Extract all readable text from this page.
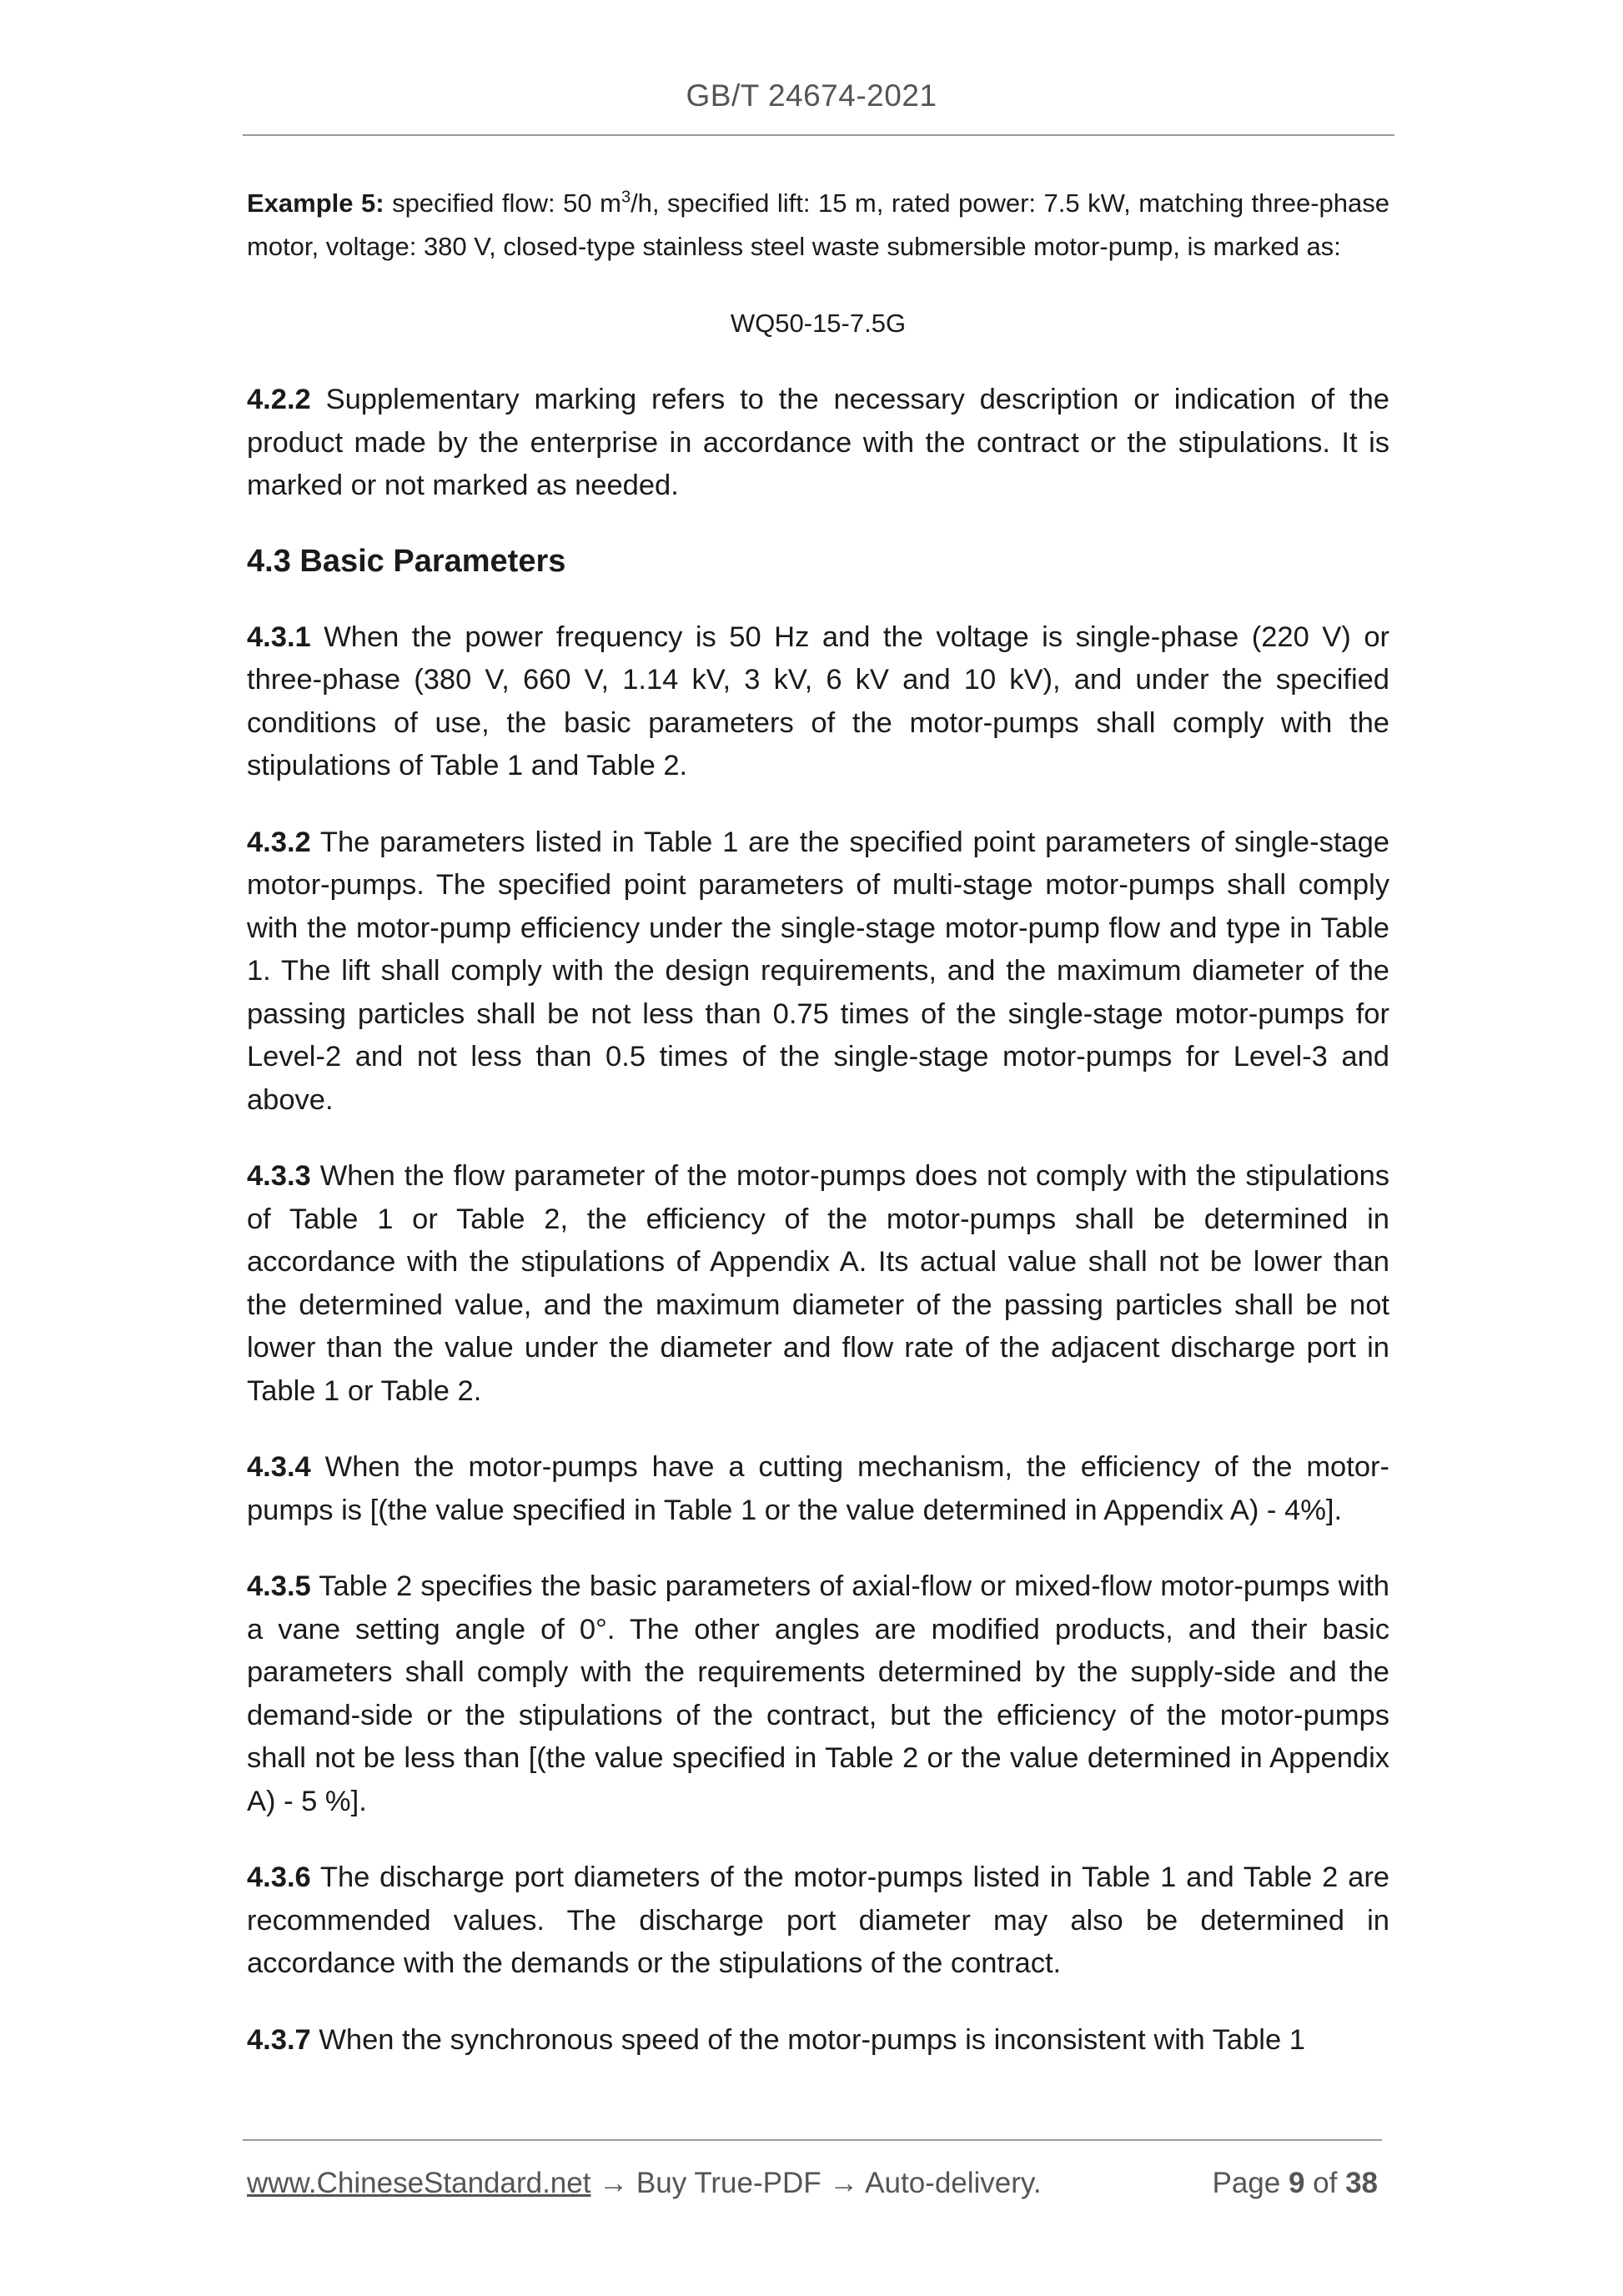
GB/T 24674-2021

Example 5: specified flow: 50 $m^3/h$, specified lift: 15 m, rated power: 7.5 kW, matching three-phase motor, voltage: 380 V, closed-type stainless steel waste submersible motor-pump, is marked as:

WQ50-15-7.5G

4.2.2 Supplementary marking refers to the necessary description or indication of the product made by the enterprise in accordance with the contract or the stipulations. It is marked or not marked as needed.

4.3 Basic Parameters

4.3.1 When the power frequency is 50 Hz and the voltage is single-phase (220 V) or three-phase (380 V, 660 V, 1.14 kV, 3 kV, 6 kV and 10 kV), and under the specified conditions of use, the basic parameters of the motor-pumps shall comply with the stipulations of Table 1 and Table 2.

4.3.2 The parameters listed in Table 1 are the specified point parameters of single-stage motor-pumps. The specified point parameters of multi-stage motor-pumps shall comply with the motor-pump efficiency under the single-stage motor-pump flow and type in Table 1. The lift shall comply with the design requirements, and the maximum diameter of the passing particles shall be not less than 0.75 times of the single-stage motor-pumps for Level-2 and not less than 0.5 times of the single-stage motor-pumps for Level-3 and above.

4.3.3 When the flow parameter of the motor-pumps does not comply with the stipulations of Table 1 or Table 2, the efficiency of the motor-pumps shall be determined in accordance with the stipulations of Appendix A. Its actual value shall not be lower than the determined value, and the maximum diameter of the passing particles shall be not lower than the value under the diameter and flow rate of the adjacent discharge port in Table 1 or Table 2.

4.3.4 When the motor-pumps have a cutting mechanism, the efficiency of the motor-pumps is [(the value specified in Table 1 or the value determined in Appendix A) - 4%].

4.3.5 Table 2 specifies the basic parameters of axial-flow or mixed-flow motor-pumps with a vane setting angle of 0°. The other angles are modified products, and their basic parameters shall comply with the requirements determined by the supply-side and the demand-side or the stipulations of the contract, but the efficiency of the motor-pumps shall not be less than [(the value specified in Table 2 or the value determined in Appendix A) - 5 %].

4.3.6 The discharge port diameters of the motor-pumps listed in Table 1 and Table 2 are recommended values. The discharge port diameter may also be determined in accordance with the demands or the stipulations of the contract.

4.3.7 When the synchronous speed of the motor-pumps is inconsistent with Table 1

www.ChineseStandard.net → Buy True-PDF → Auto-delivery.	Page 9 of 38
